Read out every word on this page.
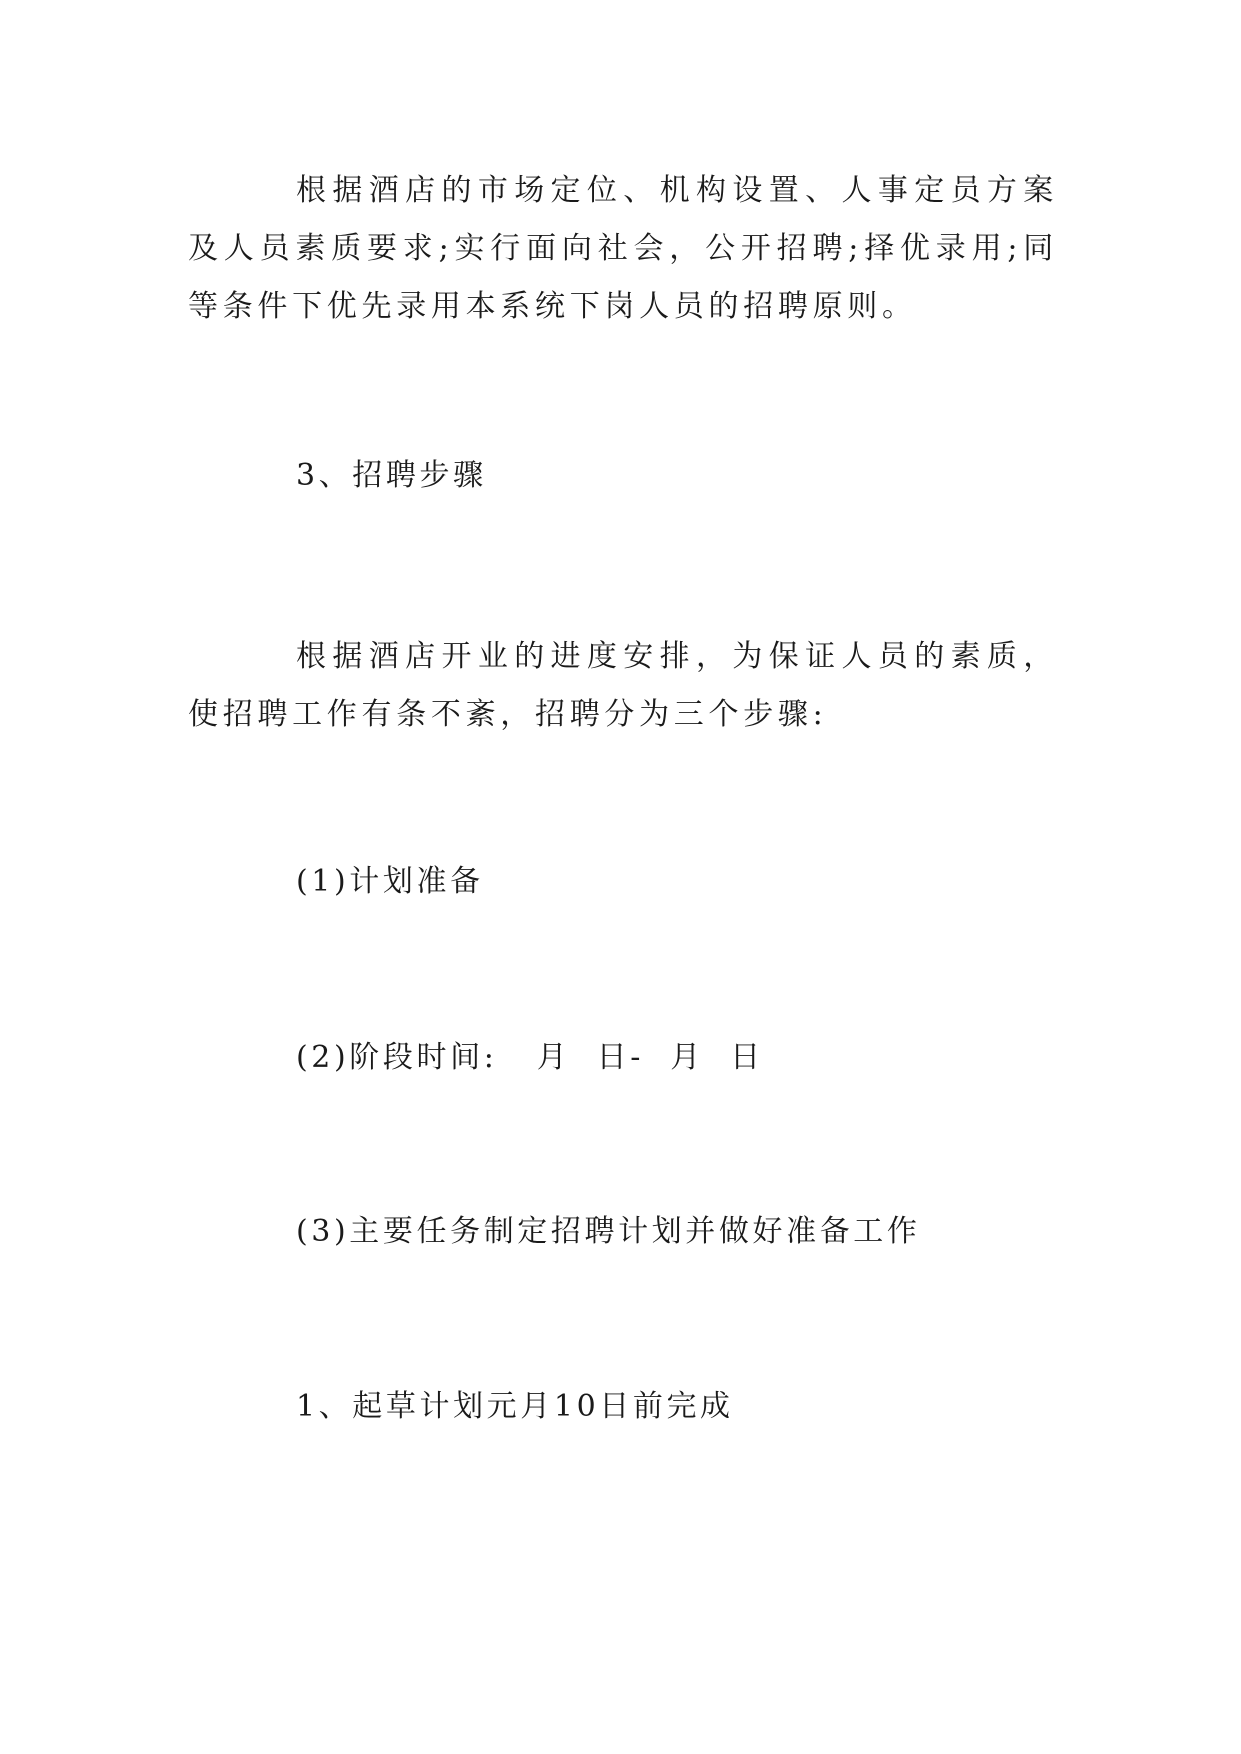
根据酒店的市场定位、机构设置、人事定员方案及人员素质要求;实行面向社会，公开招聘;择优录用;同等条件下优先录用本系统下岗人员的招聘原则。

3、招聘步骤

根据酒店开业的进度安排，为保证人员的素质，使招聘工作有条不紊，招聘分为三个步骤:

(1)计划准备

(2)阶段时间:   月  日-  月  日

(3)主要任务制定招聘计划并做好准备工作

1、起草计划元月10日前完成
